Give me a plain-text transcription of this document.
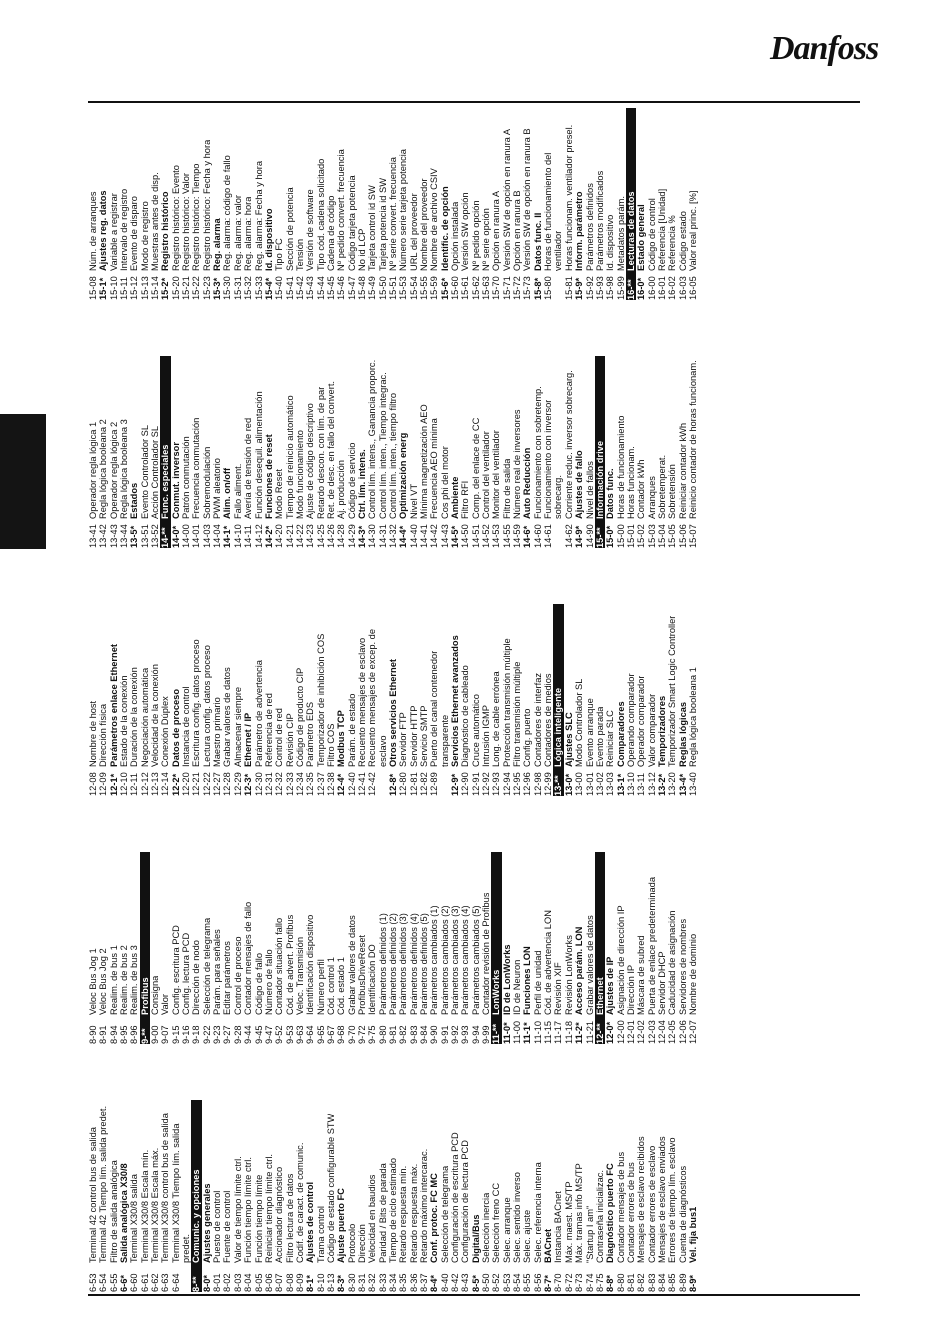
Danfoss
6-53
Terminal 42 control bus de salida
6-54
Terminal 42 Tiempo lím. salida predet.
6-55
Filtro de salida analógica
6-6*
Salida analógica X30/8
6-60
Terminal X30/8 salida
6-61
Terminal X30/8 Escala mín.
6-62
Terminal X30/8 Escala máx.
6-63
Terminal X30/8 control bus de salida
6-64
Terminal X30/8 Tiempo lím. salida predet.
8-**
Comunic. y opciones
8-0*
Ajustes generales
8-01
Puesto de control
8-02
Fuente de control
8-03
Valor de tiempo límite ctrl.
8-04
Función tiempo límite ctrl.
8-05
Función tiempo límite
8-06
Reiniciar tiempo límite ctrl.
8-07
Accionador diagnóstico
8-08
Filtro lectura de datos
8-09
Codif. de caract. de comunic.
8-1*
Ajustes de control
8-10
Trama control
8-13
Código de estado configurable STW
8-3*
Ajuste puerto FC
8-30
Protocolo
8-31
Dirección
8-32
Velocidad en baudios
8-33
Paridad / Bits de parada
8-34
Tiempo de ciclo estimado
8-35
Retardo respuesta mín.
8-36
Retardo respuesta máx.
8-37
Retardo máximo intercarac.
8-4*
Conf. protoc. FC MC
8-40
Selección de telegrama
8-42
Configuración de escritura PCD
8-43
Configuración de lectura PCD
8-5*
Digital/Bus
8-50
Selección inercia
8-52
Selección freno CC
8-53
Selec. arranque
8-54
Selec. sentido inverso
8-55
Selec. ajuste
8-56
Selec. referencia interna
8-7*
BACnet
8-70
Instancia BACnet
8-72
Máx. maest. MS/TP
8-73
Máx. tramas info MS/TP
8-74
"Startup I am"
8-75
Contraseña inicializac.
8-8*
Diagnóstico puerto FC
8-80
Contador mensajes de bus
8-81
Contador errores de bus
8-82
Mensajes de esclavo recibidos
8-83
Contador errores de esclavo
8-84
Mensajes de esclavo enviados
8-85
Errores de tiempo lím. esclavo
8-89
Cuenta de diagnósticos
8-9*
Vel. fija bus1
8-90
Veloc Bus Jog 1
8-91
Veloc Bus Jog 2
8-94
Realim. de bus 1
8-95
Realim. de bus 2
8-96
Realim. de bus 3
9-**
Profibus
9-00
Consigna
9-07
Valor
9-15
Config. escritura PCD
9-16
Config. lectura PCD
9-18
Dirección de nodo
9-22
Selección de telegrama
9-23
Parám. para señales
9-27
Editar parámetros
9-28
Control de proceso
9-44
Contador mensajes de fallo
9-45
Código de fallo
9-47
Número de fallo
9-52
Contador situación fallo
9-53
Cód. de advert. Profibus
9-63
Veloc. Transmisión
9-64
Identificación dispositivo
9-65
Número perfil
9-67
Cód. control 1
9-68
Cód. estado 1
9-70
Grabar valores de datos
9-72
ProfibusDriveReset
9-75
Identificación DO
9-80
Parámetros definidos (1)
9-81
Parámetros definidos (2)
9-82
Parámetros definidos (3)
9-83
Parámetros definidos (4)
9-84
Parámetros definidos (5)
9-90
Parámetros cambiados (1)
9-91
Parámetros cambiados (2)
9-92
Parámetros cambiados (3)
9-93
Parámetros cambiados (4)
9-94
Parámetros cambiados (5)
9-99
Contador revisión de Profibus
11-**
LonWorks
11-0*
ID de LonWorks
11-00
ID de Neuron
11-1*
Funciones LON
11-10
Perfil de unidad
11-15
Cód. de advertencia LON
11-17
Revisión XIF
11-18
Revisión LonWorks
11-2*
Acceso parám. LON
11-21
Grabar valores de datos
12-**
Ethernet
12-0*
Ajustes de IP
12-00
Asignación de dirección IP
12-01
Dirección IP
12-02
Máscara de subred
12-03
Puerta de enlace predeterminada
12-04
Servidor DHCP
12-05
Caducidad de asignación
12-06
Servidores de nombres
12-07
Nombre de dominio
12-08
Nombre de host
12-09
Dirección física
12-1*
Parámetros enlace Ethernet
12-10
Estado de la conexión
12-11
Duración de la conexión
12-12
Negociación automática
12-13
Velocidad de la conexión
12-14
Conexión Dúplex
12-2*
Datos de proceso
12-20
Instancia de control
12-21
Escritura config. datos proceso
12-22
Lectura config. datos proceso
12-27
Maestro primario
12-28
Grabar valores de datos
12-29
Almacenar siempre
12-3*
Ethernet / IP
12-30
Parámetro de advertencia
12-31
Referencia de red
12-32
Control de red
12-33
Revisión CIP
12-34
Código de producto CIP
12-35
Parámetro EDS
12-37
Temporizador de inhibición COS
12-38
Filtro COS
12-4*
Modbus TCP
12-40
Parám. de estado
12-41
Recuento mensajes de esclavo
12-42
Recuento mensajes de excep. de esclavo
12-8*
Otros servicios Ethernet
12-80
Servidor FTP
12-81
Servidor HTTP
12-82
Servicio SMTP
12-89
Puerto del canal contenedor transparente
12-9*
Servicios Ethernet avanzados
12-90
Diagnóstico de cableado
12-91
Cruce automático
12-92
Intrusión IGMP
12-93
Long. de cable errónea
12-94
Protección transmisión múltiple
12-95
Filtro transmisión múltiple
12-96
Config. puerto
12-98
Contadores de interfaz
12-99
Contadores de medios
13-**
Lógica inteligente
13-0*
Ajustes SLC
13-00
Modo Controlador SL
13-01
Evento arranque
13-02
Evento parada
13-03
Reiniciar SLC
13-1*
Comparadores
13-10
Operando comparador
13-11
Operador comparador
13-12
Valor comparador
13-2*
Temporizadores
13-20
Temporizador Smart Logic Controller
13-4*
Reglas lógicas
13-40
Regla lógica booleana 1
13-41
Operador regla lógica 1
13-42
Regla lógica booleana 2
13-43
Operador regla lógica 2
13-44
Regla lógica booleana 3
13-5*
Estados
13-51
Evento Controlador SL
13-52
Acción Controlador SL
14-**
Func. especiales
14-0*
Conmut. inversor
14-00
Patrón conmutación
14-01
Frecuencia conmutación
14-03
Sobremodulación
14-04
PWM aleatorio
14-1*
Alim. on/off
14-10
Fallo aliment.
14-11
Avería de tensión de red
14-12
Función desequil. alimentación
14-2*
Funciones de reset
14-20
Modo Reset
14-21
Tiempo de reinicio automático
14-22
Modo funcionamiento
14-23
Ajuste de código descriptivo
14-25
Retardo descon. con lím. de par
14-26
Ret. de desc. en fallo del convert.
14-28
Aj. producción
14-29
Código de servicio
14-3*
Ctrl. lím. intens.
14-30
Control lím. intens., Ganancia proporc.
14-31
Control lím. inten., Tiempo integrac.
14-32
Control lím. inten., tiempo filtro
14-4*
Optimización energ
14-40
Nivel VT
14-41
Mínima magnetización AEO
14-42
Frecuencia AEO mínima
14-43
Cos phi del motor
14-5*
Ambiente
14-50
Filtro RFI
14-51
Comp. del enlace de CC
14-52
Control del ventilador
14-53
Monitor del ventilador
14-55
Filtro de salida
14-59
Número real de inversores
14-6*
Auto Reducción
14-60
Funcionamiento con sobretemp.
14-61
Funcionamiento con inversor sobrecarg.
14-62
Corriente reduc. inversor sobrecarg.
14-9*
Ajustes de fallo
14-90
Nivel de fallos
15-**
Información drive
15-0*
Datos func.
15-00
Horas de funcionamiento
15-01
Horas funcionam.
15-02
Contador kWh
15-03
Arranques
15-04
Sobretemperat.
15-05
Sobretensión
15-06
Reiniciar contador kWh
15-07
Reinicio contador de horas funcionam.
15-08
Núm. de arranques
15-1*
Ajustes reg. datos
15-10
Variable a registrar
15-11
Intervalo de registro
15-12
Evento de disparo
15-13
Modo de registro
15-14
Muestras antes de disp.
15-2*
Registro histórico
15-20
Registro histórico: Evento
15-21
Registro histórico: Valor
15-22
Registro histórico: Tiempo
15-23
Registro histórico: Fecha y hora
15-3*
Reg. alarma
15-30
Reg. alarma: código de fallo
15-31
Reg. alarma: valor
15-32
Reg. alarma: hora
15-33
Reg. alarma: Fecha y hora
15-4*
Id. dispositivo
15-40
Tipo FC
15-41
Sección de potencia
15-42
Tensión
15-43
Versión de software
15-44
Tipo cód. cadena solicitado
15-45
Cadena de código
15-46
Nº pedido convert. frecuencia
15-47
Código tarjeta potencia
15-48
No id LCP
15-49
Tarjeta control id SW
15-50
Tarjeta potencia id SW
15-51
Nº serie convert. frecuencia
15-53
Número serie tarjeta potencia
15-54
URL del proveedor
15-55
Nombre del proveedor
15-59
Nombre de archivo CSIV
15-6*
Identific. de opción
15-60
Opción instalada
15-61
Versión SW opción
15-62
Nº pedido opción
15-63
Nº serie opción
15-70
Opción en ranura A
15-71
Versión SW de opción en ranura A
15-72
Opción en ranura B
15-73
Versión SW de opción en ranura B
15-8*
Datos func. II
15-80
Horas de funcionamiento del ventilador
15-81
Horas funcionam. ventilador presel.
15-9*
Inform. parámetro
15-92
Parámetros definidos
15-93
Parámetros modificados
15-98
Id. dispositivo
15-99
Metadatos parám.
16-**
Lecturas de datos
16-0*
Estado general
16-00
Código de control
16-01
Referencia [Unidad]
16-02
Referencia %
16-03
Código estado
16-05
Valor real princ. [%]
